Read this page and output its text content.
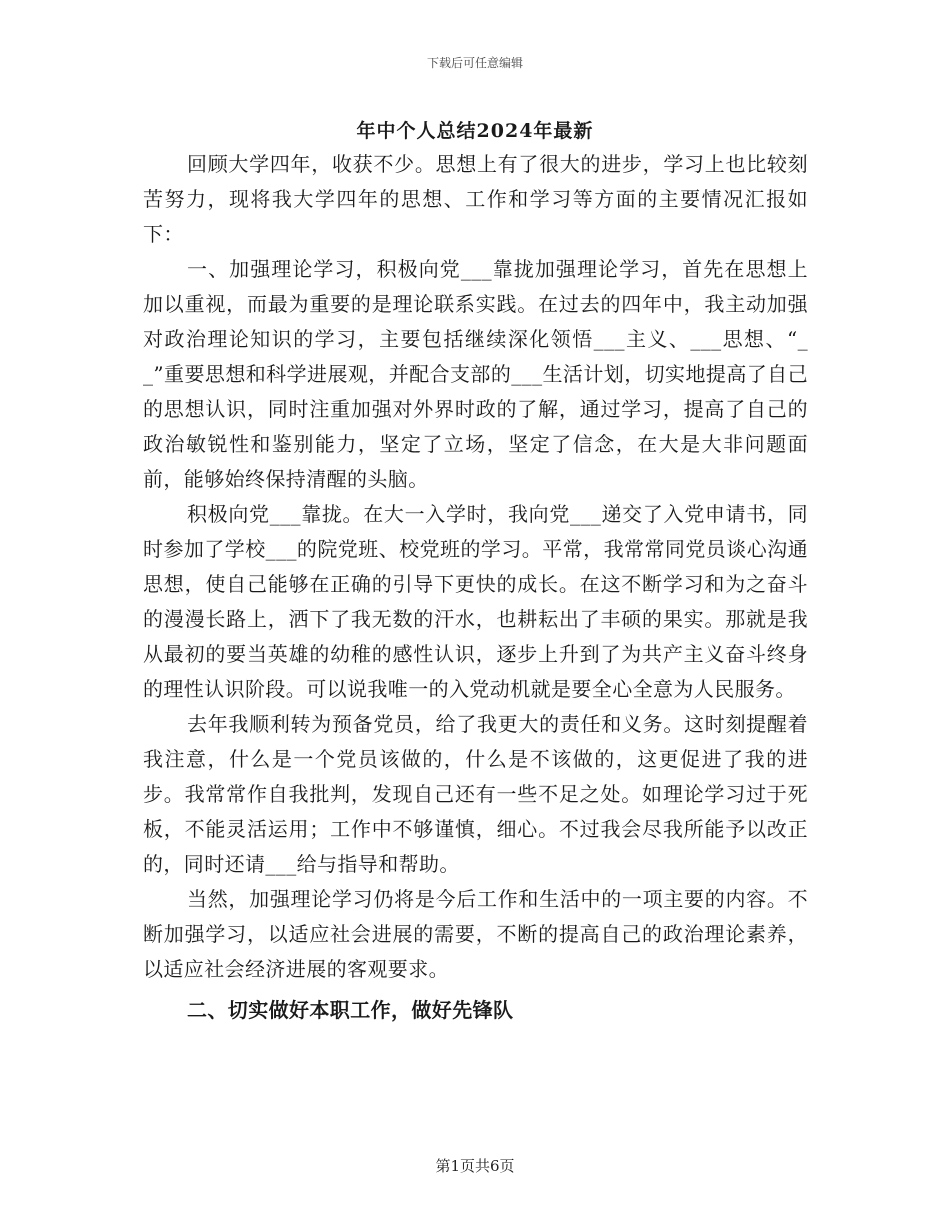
下载后可任意编辑
年中个人总结2024年最新

回顾大学四年，收获不少。思想上有了很大的进步，学习上也比较刻苦努力，现将我大学四年的思想、工作和学习等方面的主要情况汇报如下：

一、加强理论学习，积极向党___靠拢加强理论学习，首先在思想上加以重视，而最为重要的是理论联系实践。在过去的四年中，我主动加强对政治理论知识的学习，主要包括继续深化领悟___主义、___思想、“__”重要思想和科学进展观，并配合支部的___生活计划，切实地提高了自己的思想认识，同时注重加强对外界时政的了解，通过学习，提高了自己的政治敏锐性和鉴别能力，坚定了立场，坚定了信念，在大是大非问题面前，能够始终保持清醒的头脑。

积极向党___靠拢。在大一入学时，我向党___递交了入党申请书，同时参加了学校___的院党班、校党班的学习。平常，我常常同党员谈心沟通思想，使自己能够在正确的引导下更快的成长。在这不断学习和为之奋斗的漫漫长路上，洒下了我无数的汗水，也耕耘出了丰硕的果实。那就是我从最初的要当英雄的幼稚的感性认识，逐步上升到了为共产主义奋斗终身的理性认识阶段。可以说我唯一的入党动机就是要全心全意为人民服务。

去年我顺利转为预备党员，给了我更大的责任和义务。这时刻提醒着我注意，什么是一个党员该做的，什么是不该做的，这更促进了我的进步。我常常作自我批判，发现自己还有一些不足之处。如理论学习过于死板，不能灵活运用；工作中不够谨慎，细心。不过我会尽我所能予以改正的，同时还请___给与指导和帮助。

当然，加强理论学习仍将是今后工作和生活中的一项主要的内容。不断加强学习，以适应社会进展的需要，不断的提高自己的政治理论素养，以适应社会经济进展的客观要求。

二、切实做好本职工作，做好先锋队

第1页共6页
